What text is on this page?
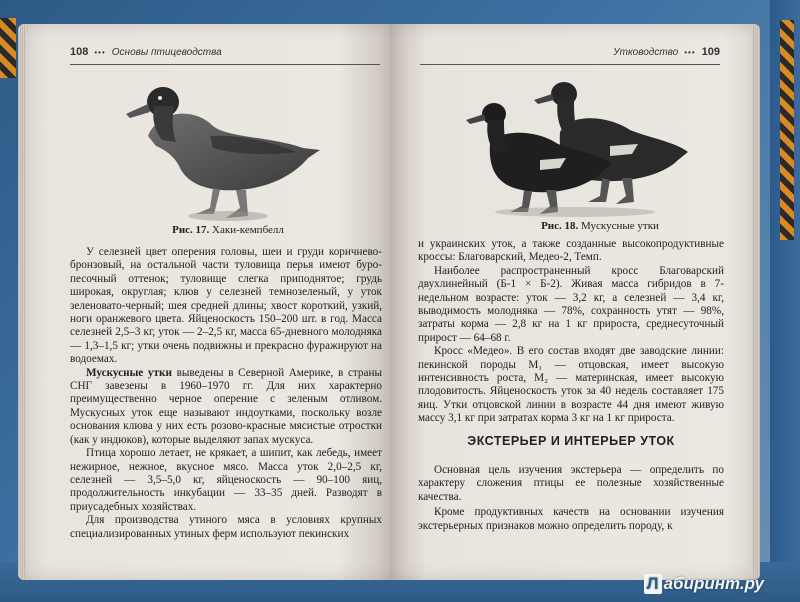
108  •••  Основы птицеводства
Рис. 17. Хаки-кемпбелл

У селезней цвет оперения головы, шеи и груди коричнево-бронзовый, на остальной части туловища перья имеют буро-песочный оттенок; туловище слегка приподнятое; грудь широкая, округлая; клюв у селезней темнозеленый, у уток зеленовато-черный; шея средней длины; хвост короткий, узкий, ноги оранжевого цвета. Яйценоскость 150–200 шт. в год. Масса селезней 2,5–3 кг, уток — 2–2,5 кг, масса 65-дневного молодняка — 1,3–1,5 кг; утки очень подвижны и прекрасно фуражируют на водоемах.

Мускусные утки выведены в Северной Америке, в страны СНГ завезены в 1960–1970 гг. Для них характерно преимущественно черное оперение с зеленым отливом. Мускусных уток еще называют индоутками, поскольку возле основания клюва у них есть розово-красные мясистые отростки (как у индюков), которые выделяют запах мускуса.

Птица хорошо летает, не крякает, а шипит, как лебедь, имеет нежирное, нежное, вкусное мясо. Масса уток 2,0–2,5 кг, селезней — 3,5–5,0 кг, яйценоскость — 90–100 яиц, продолжительность инкубации — 33–35 дней. Разводят в приусадебных хозяйствах.

Для производства утиного мяса в условиях крупных специализированных утиных ферм используют пекинских

Утководство  •••  109
Рис. 18. Мускусные утки

и украинских уток, а также созданные высокопродуктивные кроссы: Благоварский, Медео-2, Темп.

Наиболее распространенный кросс Благоварский двухлинейный (Б-1 × Б-2). Живая масса гибридов в 7-недельном возрасте: уток — 3,2 кг, а селезней — 3,4 кг, выводимость молодняка — 78%, сохранность утят — 98%, затраты корма — 2,8 кг на 1 кг прироста, среднесуточный прирост — 64–68 г.

Кросс «Медео». В его состав входят две заводские линии: пекинской породы M₁ — отцовская, имеет высокую интенсивность роста, M₂ — материнская, имеет высокую плодовитость. Яйценоскость уток за 40 недель составляет 175 яиц. Утки отцовской линии в возрасте 44 дня имеют живую массу 3,1 кг при затратах корма 3 кг на 1 кг прироста.

ЭКСТЕРЬЕР И ИНТЕРЬЕР УТОК

Основная цель изучения экстерьера — определить по характеру сложения птицы ее полезные хозяйственные качества.

Кроме продуктивных качеств на основании изучения экстерьерных признаков можно определить породу, к

Л абиринт.ру
